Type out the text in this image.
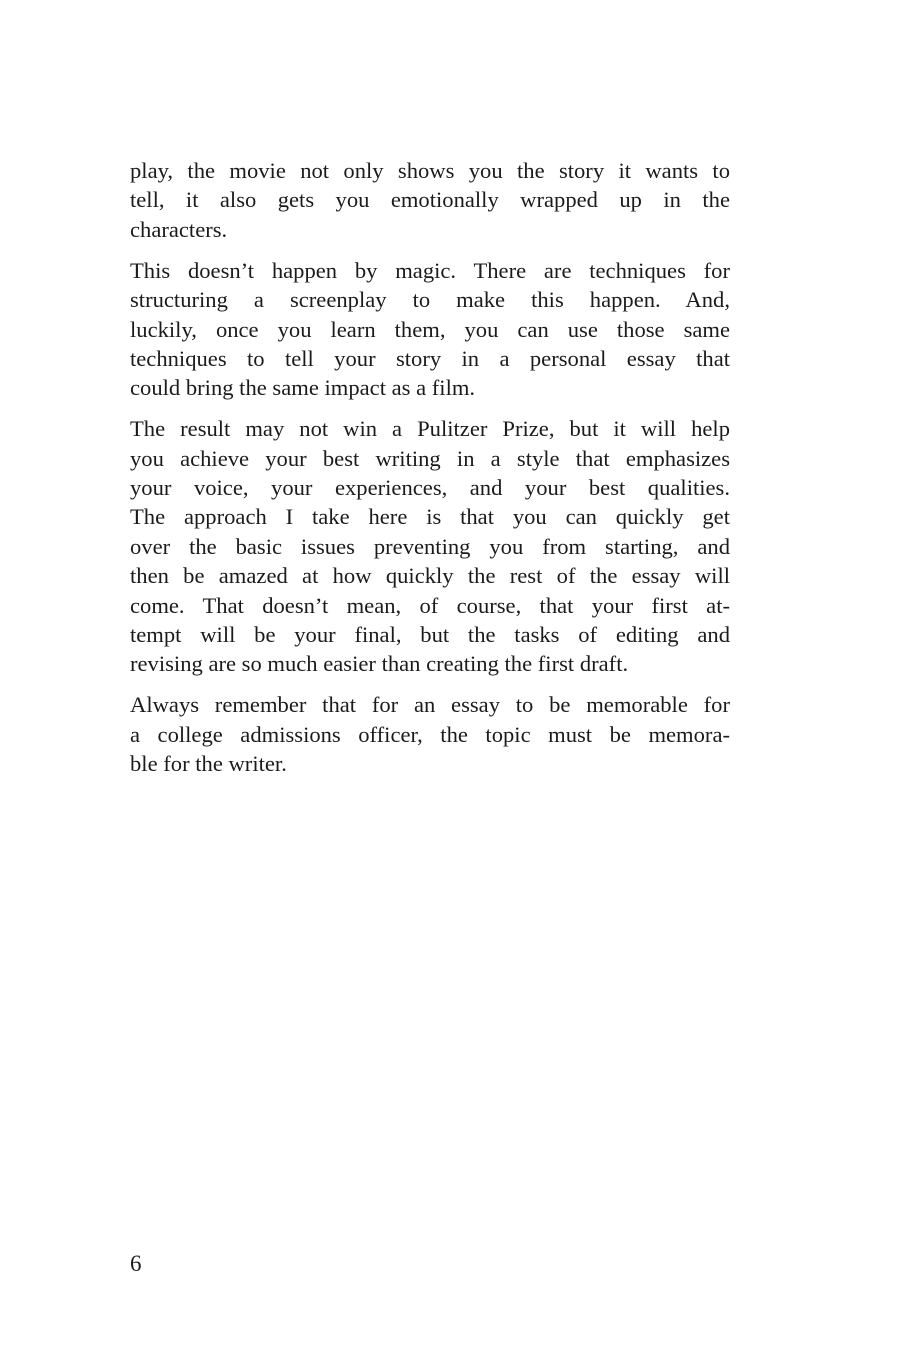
play, the movie not only shows you the story it wants to
tell, it also gets you emotionally wrapped up in the
characters.

This doesn’t happen by magic. There are techniques for
structuring a screenplay to make this happen. And,
luckily, once you learn them, you can use those same
techniques to tell your story in a personal essay that
could bring the same impact as a film.

The result may not win a Pulitzer Prize, but it will help
you achieve your best writing in a style that emphasizes
your voice, your experiences, and your best qualities.
The approach I take here is that you can quickly get
over the basic issues preventing you from starting, and
then be amazed at how quickly the rest of the essay will
come. That doesn’t mean, of course, that your first at-
tempt will be your final, but the tasks of editing and
revising are so much easier than creating the first draft.

Always remember that for an essay to be memorable for
a college admissions officer, the topic must be memora-
ble for the writer.

6
